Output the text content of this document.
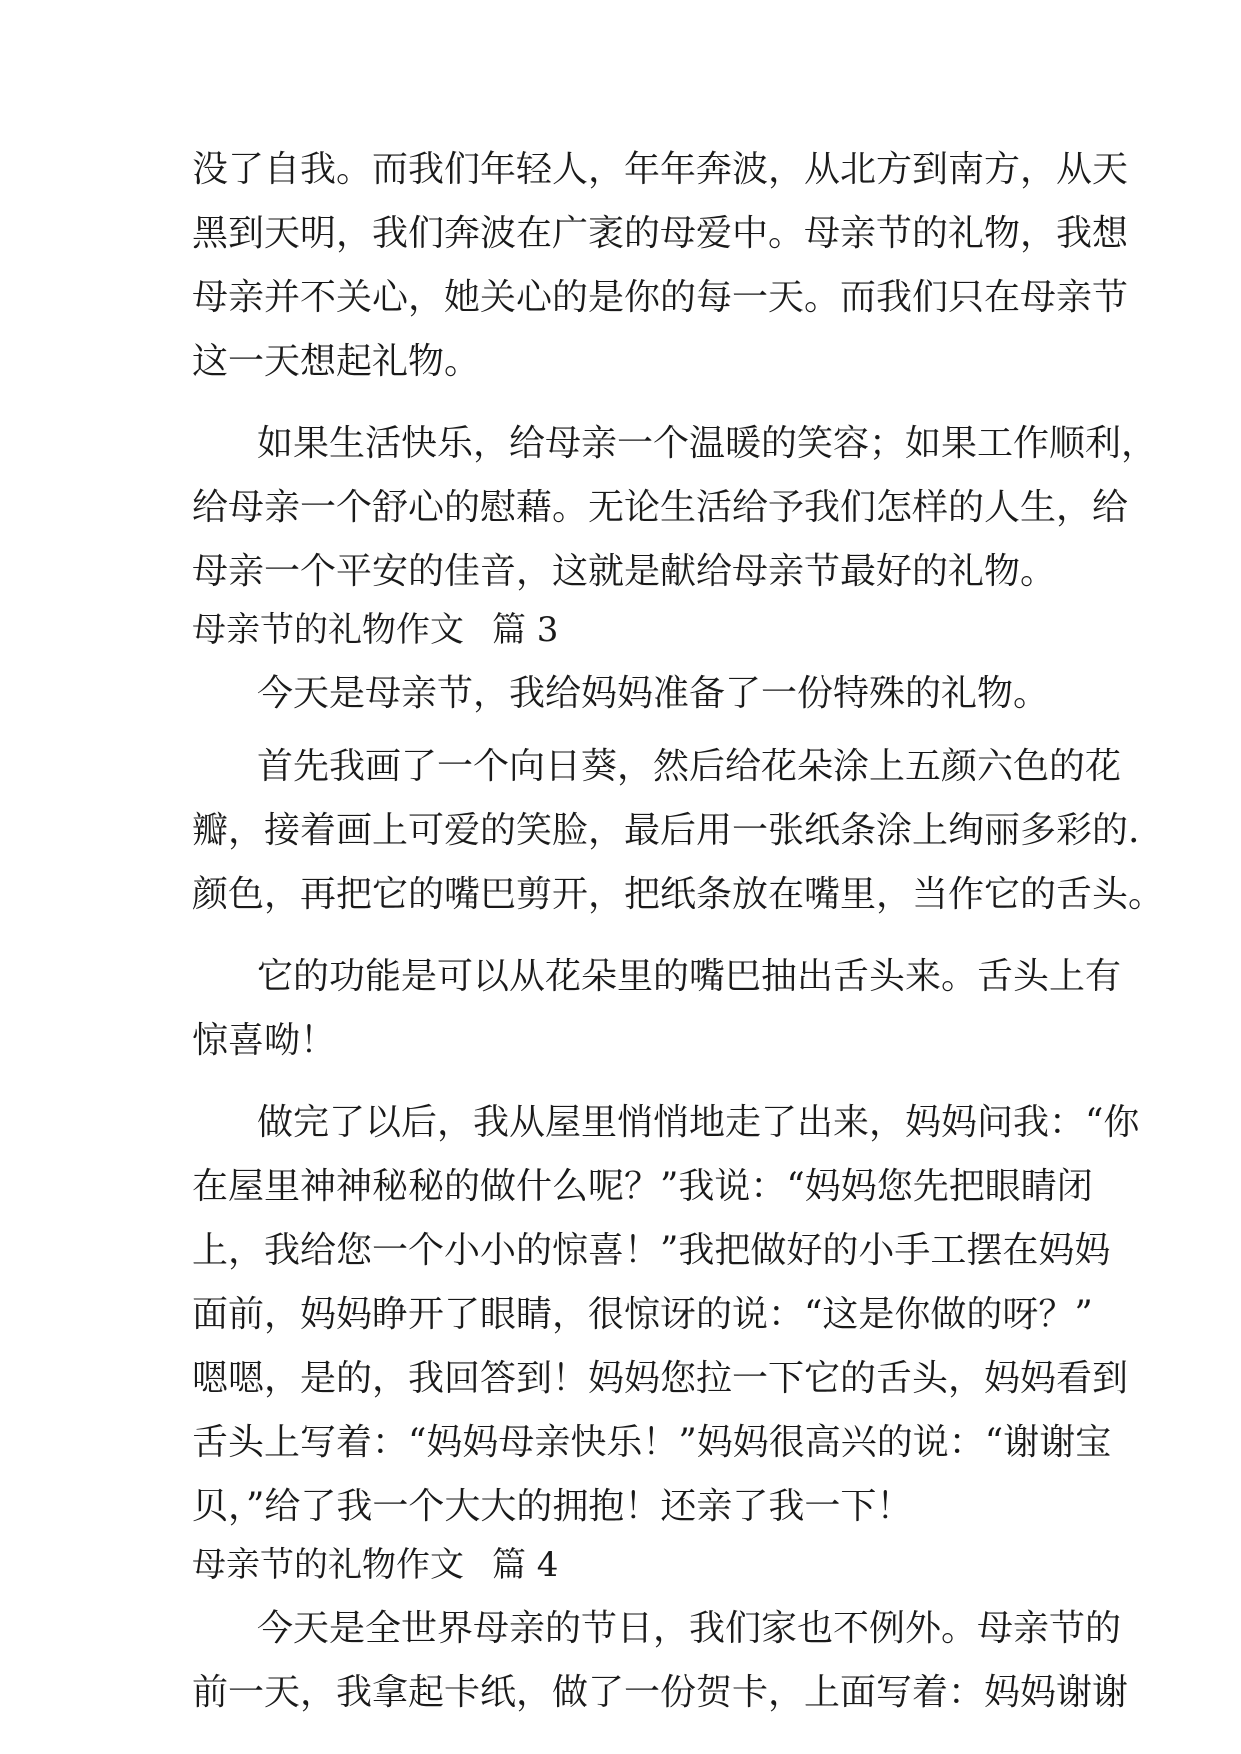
没了自我。而我们年轻人，年年奔波，从北方到南方，从天
黑到天明，我们奔波在广袤的母爱中。母亲节的礼物，我想
母亲并不关心，她关心的是你的每一天。而我们只在母亲节
这一天想起礼物。
如果生活快乐，给母亲一个温暖的笑容；如果工作顺利，
给母亲一个舒心的慰藉。无论生活给予我们怎样的人生，给
母亲一个平安的佳音，这就是献给母亲节最好的礼物。
母亲节的礼物作文 篇 3
今天是母亲节，我给妈妈准备了一份特殊的礼物。
首先我画了一个向日葵，然后给花朵涂上五颜六色的花
瓣，接着画上可爱的笑脸，最后用一张纸条涂上绚丽多彩的.
颜色，再把它的嘴巴剪开，把纸条放在嘴里，当作它的舌头。
它的功能是可以从花朵里的嘴巴抽出舌头来。舌头上有
惊喜呦！
做完了以后，我从屋里悄悄地走了出来，妈妈问我：“你
在屋里神神秘秘的做什么呢？”我说：“妈妈您先把眼睛闭
上，我给您一个小小的惊喜！”我把做好的小手工摆在妈妈
面前，妈妈睁开了眼睛，很惊讶的说：“这是你做的呀？”
嗯嗯，是的，我回答到！妈妈您拉一下它的舌头，妈妈看到
舌头上写着：“妈妈母亲快乐！”妈妈很高兴的说：“谢谢宝
贝，”给了我一个大大的拥抱！还亲了我一下！
母亲节的礼物作文 篇 4
今天是全世界母亲的节日，我们家也不例外。母亲节的
前一天，我拿起卡纸，做了一份贺卡，上面写着：妈妈谢谢
